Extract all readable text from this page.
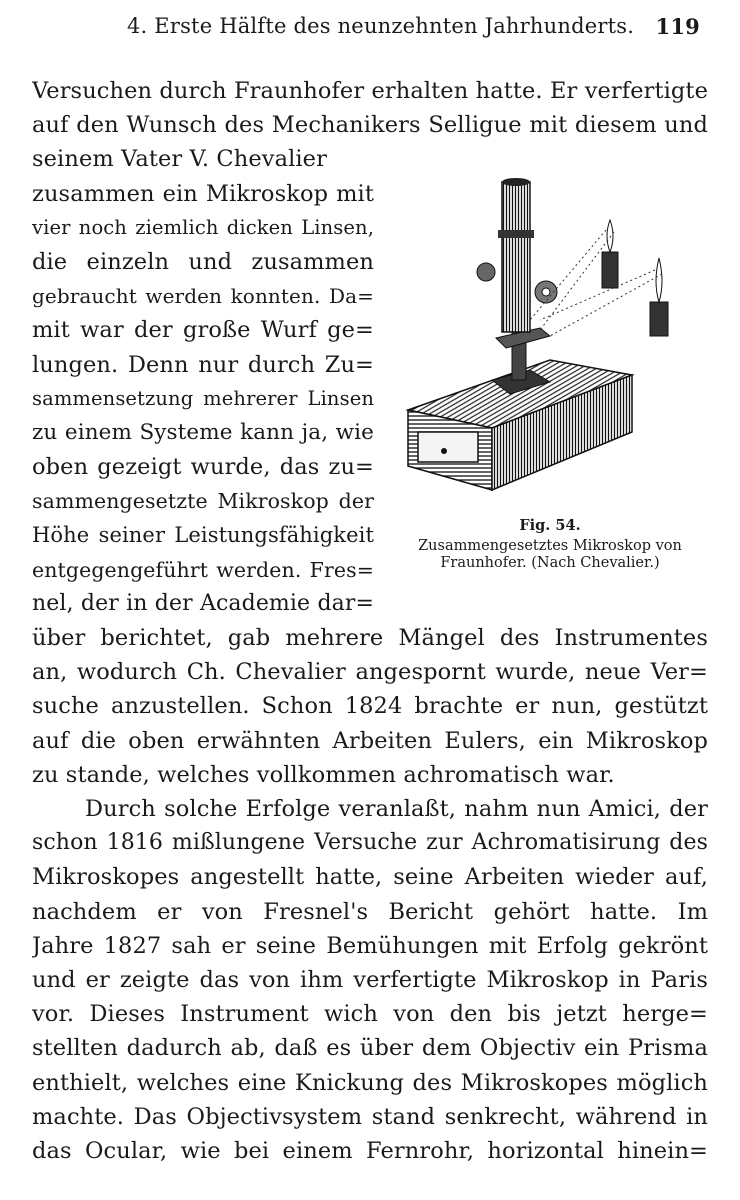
4. Erste Hälfte des neunzehnten Jahrhunderts. 119
Versuchen durch Fraunhofer erhalten hatte. Er verfertigte
auf den Wunsch des Mechanikers Selligue mit diesem und
seinem Vater V. Chevalier
zusammen ein Mikroskop mit
vier noch ziemlich dicken Linsen,
die einzeln und zusammen
gebraucht werden konnten. Da=
mit war der große Wurf ge=
lungen. Denn nur durch Zu=
sammensetzung mehrerer Linsen
zu einem Systeme kann ja, wie
oben gezeigt wurde, das zu=
sammengesetzte Mikroskop der
Höhe seiner Leistungsfähigkeit
entgegengeführt werden. Fres=
nel, der in der Academie dar=
Fig. 54.
Zusammengesetztes Mikroskop von
Fraunhofer. (Nach Chevalier.)
über berichtet, gab mehrere Mängel des Instrumentes
an, wodurch Ch. Chevalier angespornt wurde, neue Ver=
suche anzustellen. Schon 1824 brachte er nun, gestützt
auf die oben erwähnten Arbeiten Eulers, ein Mikroskop
zu stande, welches vollkommen achromatisch war.
Durch solche Erfolge veranlaßt, nahm nun Amici, der
schon 1816 mißlungene Versuche zur Achromatisirung des
Mikroskopes angestellt hatte, seine Arbeiten wieder auf,
nachdem er von Fresnel's Bericht gehört hatte. Im
Jahre 1827 sah er seine Bemühungen mit Erfolg gekrönt
und er zeigte das von ihm verfertigte Mikroskop in Paris
vor. Dieses Instrument wich von den bis jetzt herge=
stellten dadurch ab, daß es über dem Objectiv ein Prisma
enthielt, welches eine Knickung des Mikroskopes möglich
machte. Das Objectivsystem stand senkrecht, während in
das Ocular, wie bei einem Fernrohr, horizontal hinein=
